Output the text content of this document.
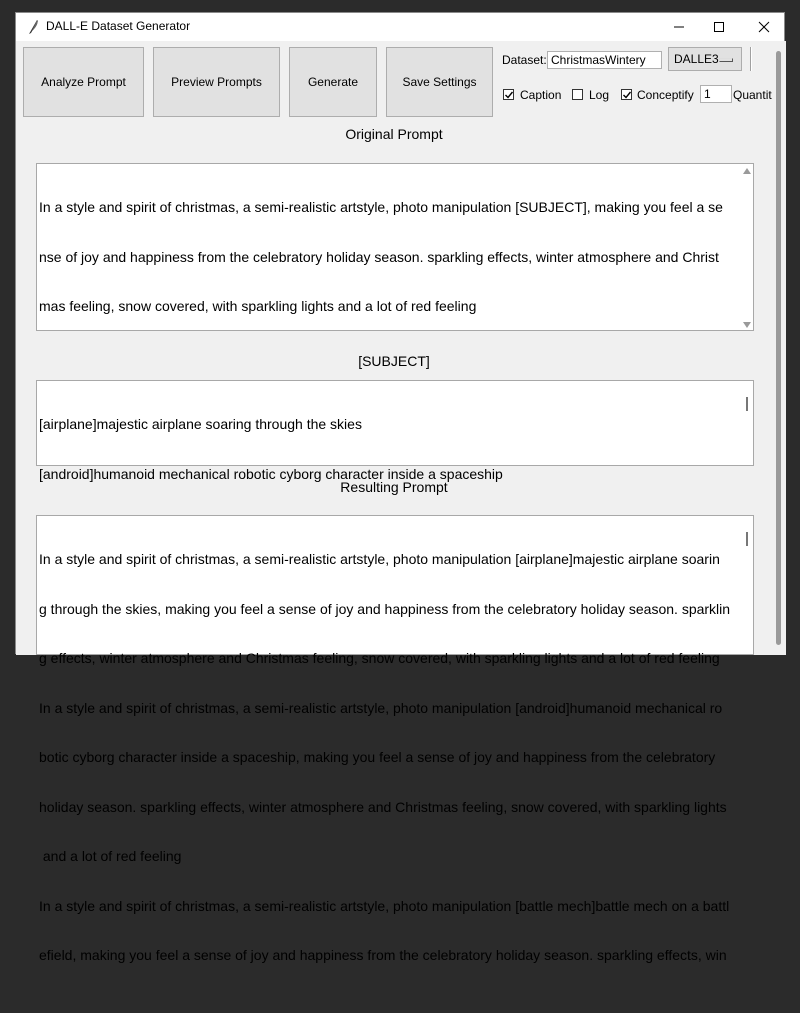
DALL-E Dataset Generator
Analyze Prompt	Preview Prompts	Generate	Save Settings
Dataset: ChristmasWintery	DALLE3
Caption Log Conceptify 1	Quantit
Original Prompt

In a style and spirit of christmas, a semi-realistic artstyle, photo manipulation [SUBJECT], making you feel a se

nse of joy and happiness from the celebratory holiday season. sparkling effects, winter atmosphere and Christ

mas feeling, snow covered, with sparkling lights and a lot of red feeling

[SUBJECT]

[airplane]majestic airplane soaring through the skies

[android]humanoid mechanical robotic cyborg character inside a spaceship

Resulting Prompt

In a style and spirit of christmas, a semi-realistic artstyle, photo manipulation [airplane]majestic airplane soarin

g through the skies, making you feel a sense of joy and happiness from the celebratory holiday season. sparklin

g effects, winter atmosphere and Christmas feeling, snow covered, with sparkling lights and a lot of red feeling

In a style and spirit of christmas, a semi-realistic artstyle, photo manipulation [android]humanoid mechanical ro

botic cyborg character inside a spaceship, making you feel a sense of joy and happiness from the celebratory

holiday season. sparkling effects, winter atmosphere and Christmas feeling, snow covered, with sparkling lights

and a lot of red feeling

In a style and spirit of christmas, a semi-realistic artstyle, photo manipulation [battle mech]battle mech on a battl

efield, making you feel a sense of joy and happiness from the celebratory holiday season. sparkling effects, win
